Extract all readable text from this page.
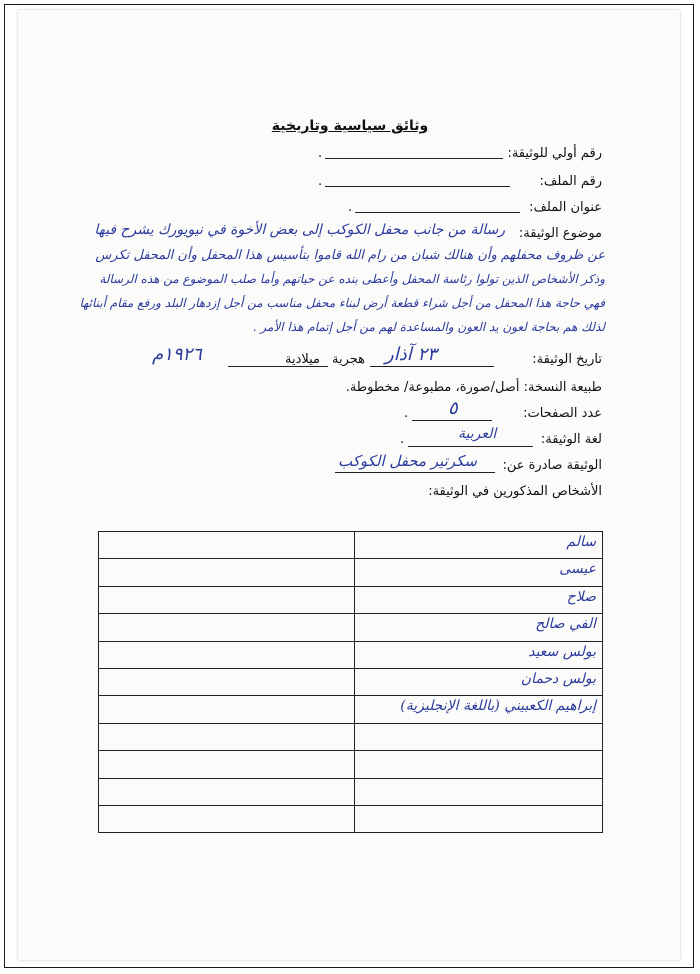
وثائق سياسية وتاريخية
رقم أولي للوثيقة:
.
رقم الملف:
.
عنوان الملف:
.
موضوع الوثيقة:
رسالة من جانب محفل الكوكب إلى بعض الأخوة في نيويورك يشرح فيها
عن ظروف محفلهم وأن هنالك شبان من رام الله قاموا بتأسيس هذا المحفل وأن المحفل تكرس
وذكر الأشخاص الذين تولوا رئاسة المحفل وأعطى بنده عن حياتهم وأما صلب الموضوع من هذه الرسالة
فهي حاجة هذا المحفل من أجل شراء قطعة أرض لبناء محفل مناسب من أجل إزدهار البلد ورفع مقام أبنائها
لذلك هم بحاجة لعون يد العون والمساعدة لهم من أجل إتمام هذا الأمر .
تاريخ الوثيقة:
٢٣ آذار
هجرية
ميلادية
١٩٢٦م
طبيعة النسخة: أصل/صورة، مطبوعة/ مخطوطة.
عدد الصفحات:
٥
.
لغة الوثيقة:
العربية
.
الوثيقة صادرة عن:
سكرتير محفل الكوكب
الأشخاص المذكورين في الوثيقة:

	سالم

	عيسى

	صلاح

	الفي صالح

	بولس سعيد

	بولس دحمان

	إبراهيم الكعبيني (باللغة الإنجليزية)
